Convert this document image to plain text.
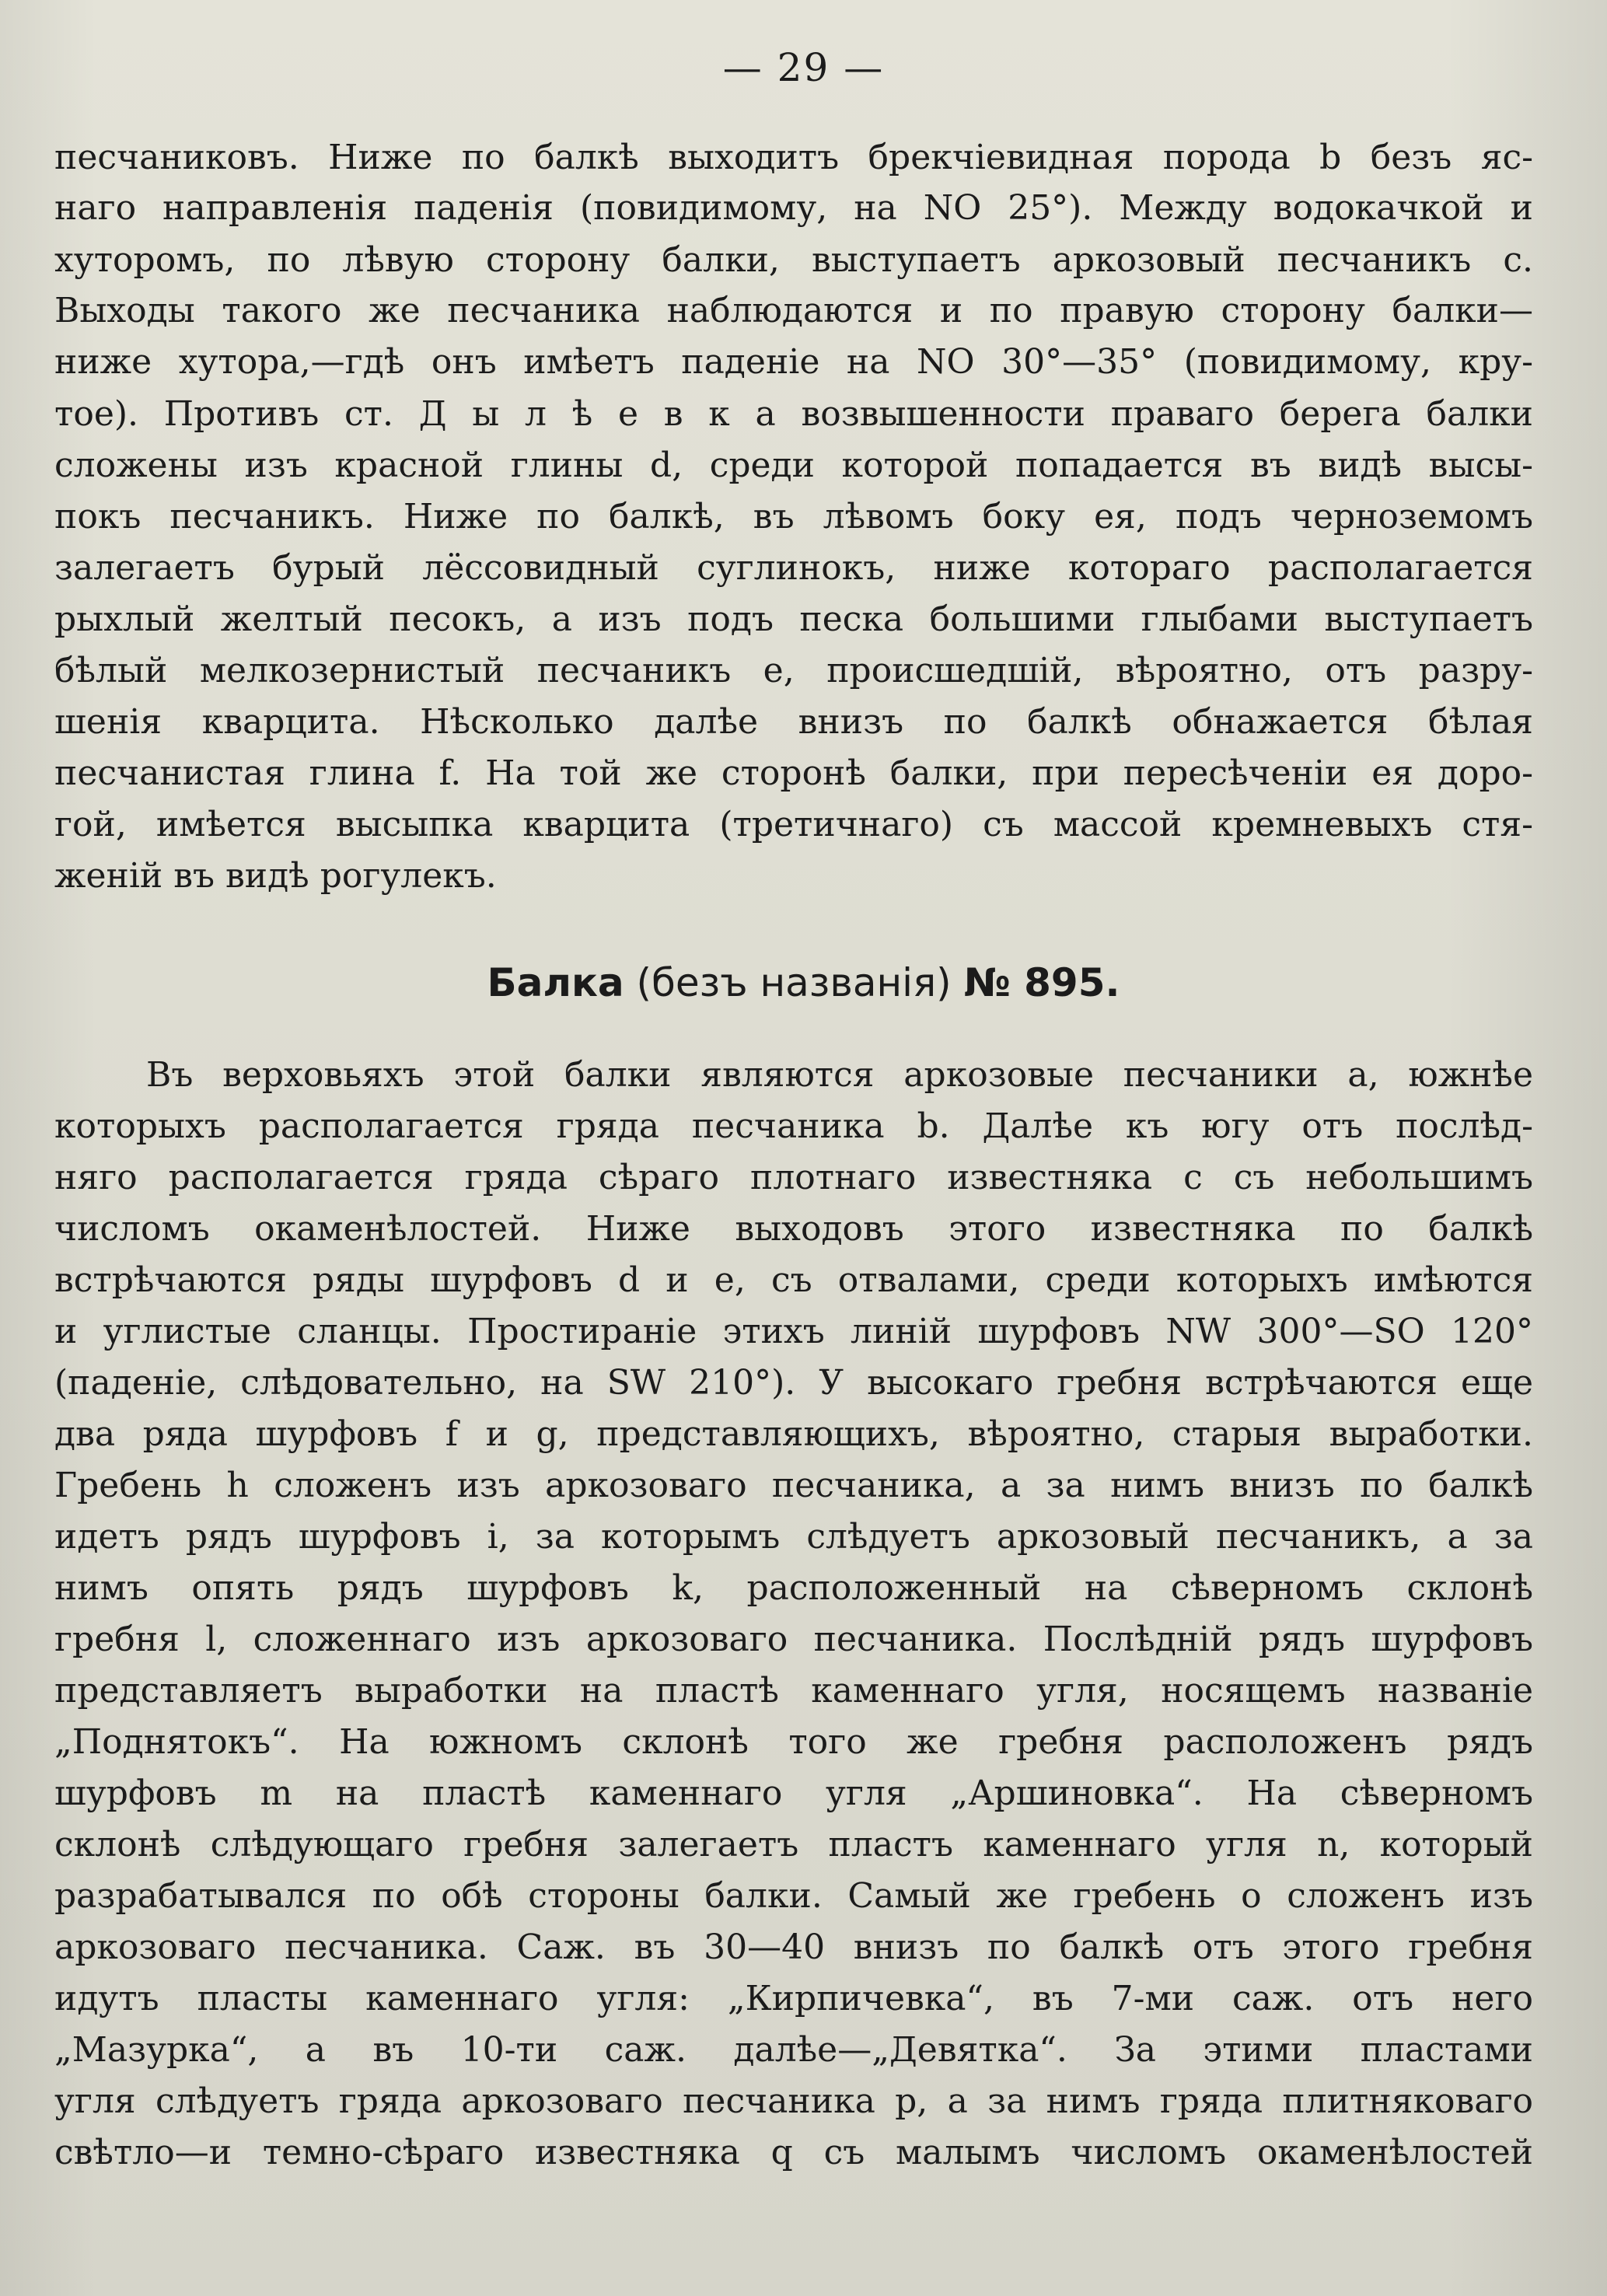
— 29 —
песчаниковъ. Ниже по балкѣ выходитъ брекчіевидная порода b безъ яс-
наго направленія паденія (повидимому, на NO 25°). Между водокачкой и
хуторомъ, по лѣвую сторону балки, выступаетъ аркозовый песчаникъ c.
Выходы такого же песчаника наблюдаются и по правую сторону балки—
ниже хутора,—гдѣ онъ имѣетъ паденіе на NO 30°—35° (повидимому, кру-
тое). Противъ ст. Д ы л ѣ е в к а возвышенности праваго берега балки
сложены изъ красной глины d, среди которой попадается въ видѣ высы-
покъ песчаникъ. Ниже по балкѣ, въ лѣвомъ боку ея, подъ черноземомъ
залегаетъ бурый лёссовидный суглинокъ, ниже котораго располагается
рыхлый желтый песокъ, а изъ подъ песка большими глыбами выступаетъ
бѣлый мелкозернистый песчаникъ e, происшедшій, вѣроятно, отъ разру-
шенія кварцита. Нѣсколько далѣе внизъ по балкѣ обнажается бѣлая
песчанистая глина f. На той же сторонѣ балки, при пересѣченіи ея доро-
гой, имѣется высыпка кварцита (третичнаго) съ массой кремневыхъ стя-
женій въ видѣ рогулекъ.
Балка (безъ названія) № 895.
Въ верховьяхъ этой балки являются аркозовые песчаники a, южнѣе
которыхъ располагается гряда песчаника b. Далѣе къ югу отъ послѣд-
няго располагается гряда сѣраго плотнаго известняка c съ небольшимъ
числомъ окаменѣлостей. Ниже выходовъ этого известняка по балкѣ
встрѣчаются ряды шурфовъ d и e, съ отвалами, среди которыхъ имѣются
и углистые сланцы. Простираніе этихъ линій шурфовъ NW 300°—SO 120°
(паденіе, слѣдовательно, на SW 210°). У высокаго гребня встрѣчаются еще
два ряда шурфовъ f и g, представляющихъ, вѣроятно, старыя выработки.
Гребень h сложенъ изъ аркозоваго песчаника, а за нимъ внизъ по балкѣ
идетъ рядъ шурфовъ i, за которымъ слѣдуетъ аркозовый песчаникъ, а за
нимъ опять рядъ шурфовъ k, расположенный на сѣверномъ склонѣ
гребня l, сложеннаго изъ аркозоваго песчаника. Послѣдній рядъ шурфовъ
представляетъ выработки на пластѣ каменнаго угля, носящемъ названіе
„Поднятокъ“. На южномъ склонѣ того же гребня расположенъ рядъ
шурфовъ m на пластѣ каменнаго угля „Аршиновка“. На сѣверномъ
склонѣ слѣдующаго гребня залегаетъ пластъ каменнаго угля n, который
разрабатывался по обѣ стороны балки. Самый же гребень o сложенъ изъ
аркозоваго песчаника. Саж. въ 30—40 внизъ по балкѣ отъ этого гребня
идутъ пласты каменнаго угля: „Кирпичевка“, въ 7-ми саж. отъ него
„Мазурка“, а въ 10-ти саж. далѣе—„Девятка“. За этими пластами
угля слѣдуетъ гряда аркозоваго песчаника p, а за нимъ гряда плитняковаго
свѣтло—и темно-сѣраго известняка q съ малымъ числомъ окаменѣлостей
